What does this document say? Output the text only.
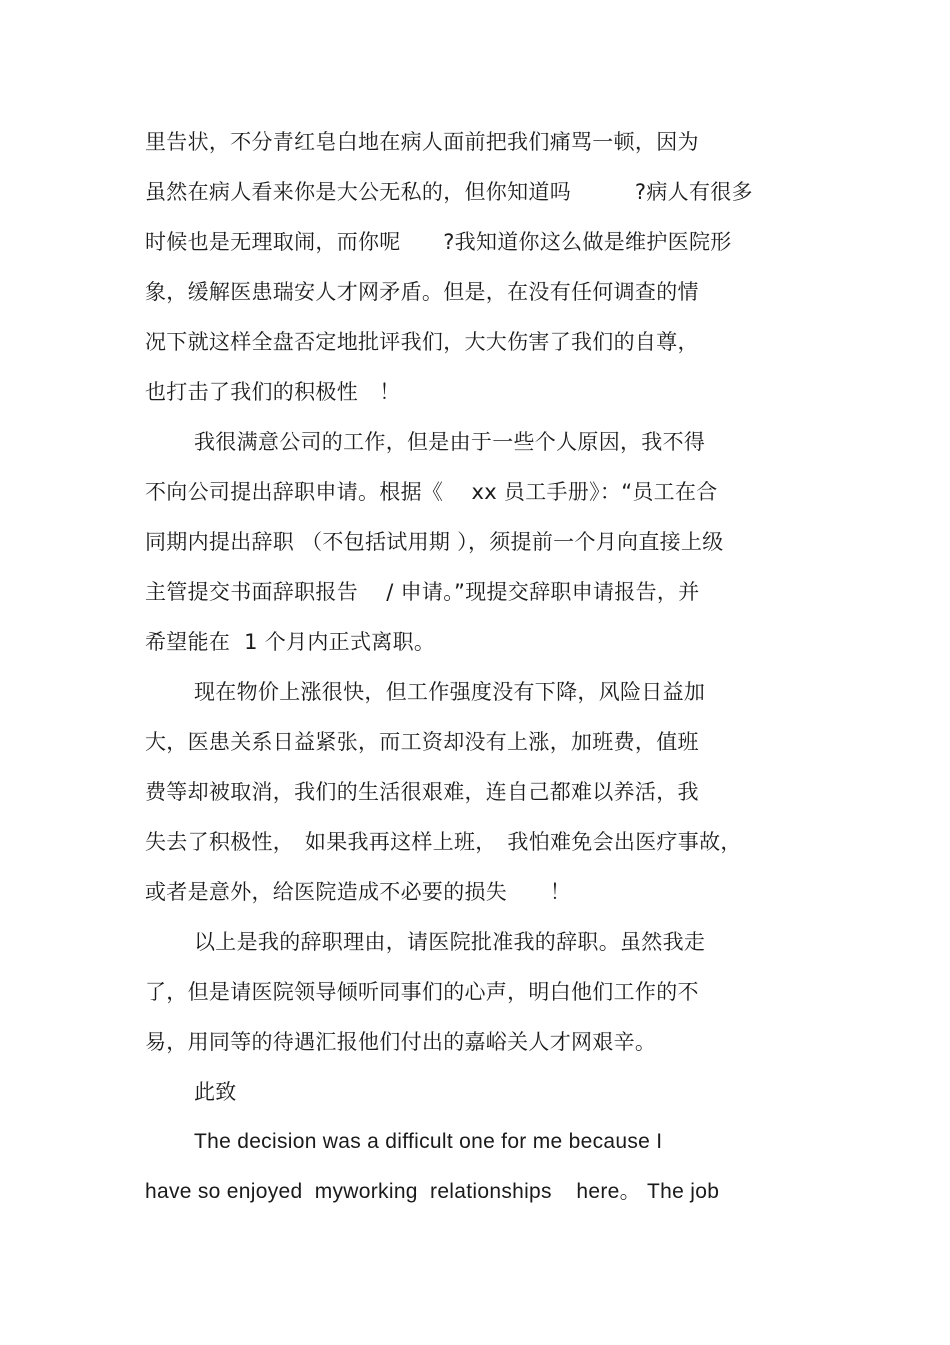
里告状，不分青红皂白地在病人面前把我们痛骂一顿，因为
虽然在病人看来你是大公无私的，但你知道吗　　　?病人有很多
时候也是无理取闹，而你呢　　?我知道你这么做是维护医院形
象，缓解医患瑞安人才网矛盾。但是，在没有任何调查的情
况下就这样全盘否定地批评我们，大大伤害了我们的自尊，
也打击了我们的积极性　！
我很满意公司的工作，但是由于一些个人原因，我不得
不向公司提出辞职申请。根据《　 xx 员工手册》：“员工在合
同期内提出辞职 （不包括试用期 ），须提前一个月向直接上级
主管提交书面辞职报告　 / 申请。”现提交辞职申请报告，并
希望能在  1 个月内正式离职。
现在物价上涨很快，但工作强度没有下降，风险日益加
大，医患关系日益紧张，而工资却没有上涨，加班费，值班
费等却被取消，我们的生活很艰难，连自己都难以养活，我
失去了积极性，　如果我再这样上班，　我怕难免会出医疗事故，
或者是意外，给医院造成不必要的损失　　！
以上是我的辞职理由，请医院批准我的辞职。虽然我走
了，但是请医院领导倾听同事们的心声，明白他们工作的不
易，用同等的待遇汇报他们付出的嘉峪关人才网艰辛。
此致
The decision was a difficult one for me because I
have so enjoyed  myworking  relationships    here。 The job
